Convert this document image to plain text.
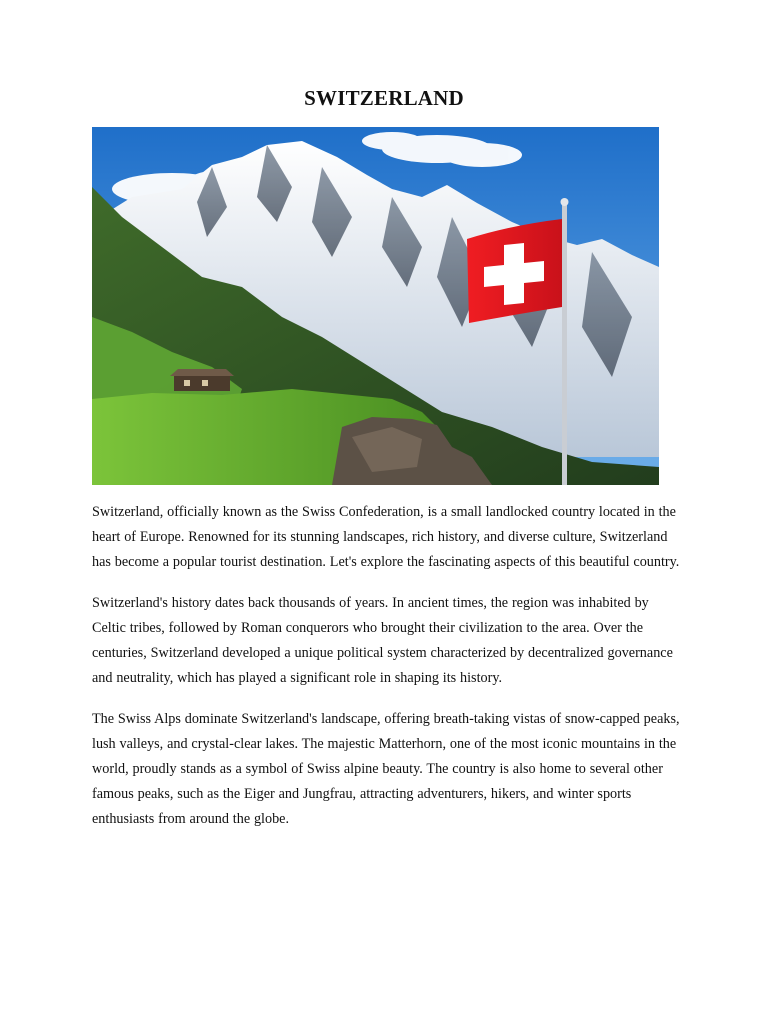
SWITZERLAND

Switzerland, officially known as the Swiss Confederation, is a small landlocked country located in the heart of Europe. Renowned for its stunning landscapes, rich history, and diverse culture, Switzerland has become a popular tourist destination. Let's explore the fascinating aspects of this beautiful country.

Switzerland's history dates back thousands of years. In ancient times, the region was inhabited by Celtic tribes, followed by Roman conquerors who brought their civilization to the area. Over the centuries, Switzerland developed a unique political system characterized by decentralized governance and neutrality, which has played a significant role in shaping its history.

The Swiss Alps dominate Switzerland's landscape, offering breath-taking vistas of snow-capped peaks, lush valleys, and crystal-clear lakes. The majestic Matterhorn, one of the most iconic mountains in the world, proudly stands as a symbol of Swiss alpine beauty. The country is also home to several other famous peaks, such as the Eiger and Jungfrau, attracting adventurers, hikers, and winter sports enthusiasts from around the globe.
